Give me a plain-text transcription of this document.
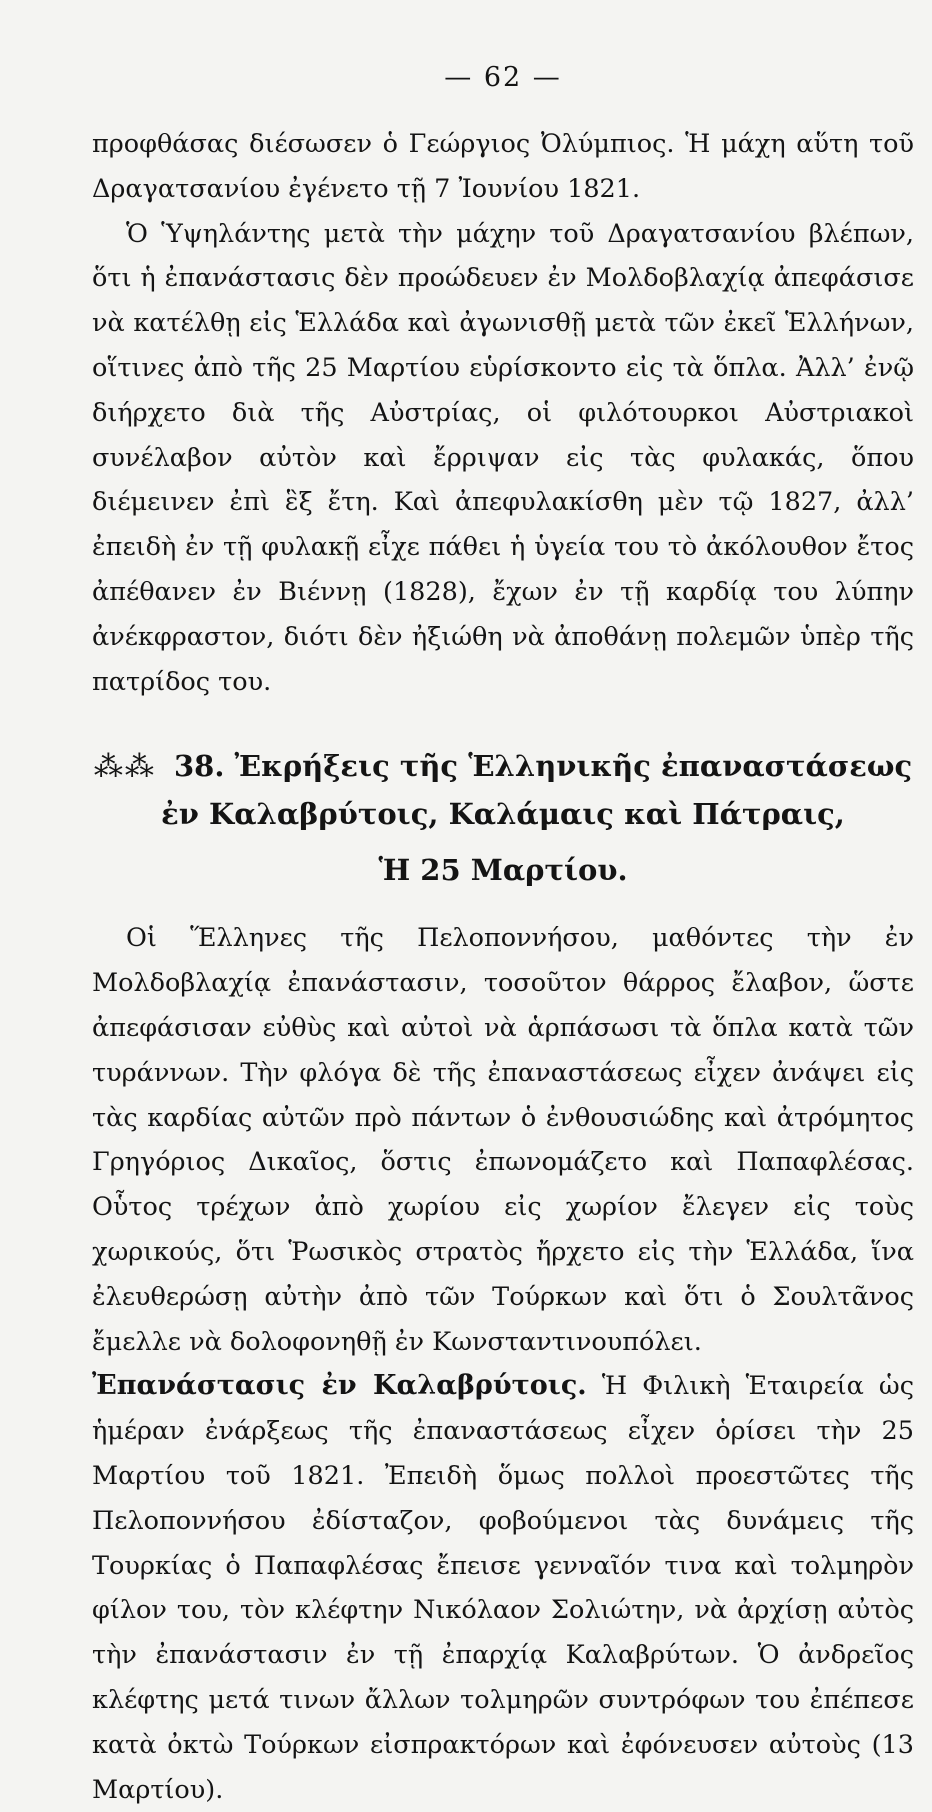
— 62 —

προφθάσας διέσωσεν ὁ Γεώργιος Ὀλύμπιος. Ἡ μάχη αὕτη τοῦ Δραγατσανίου ἐγένετο τῇ 7 Ἰουνίου 1821.

Ὁ Ὑψηλάντης μετὰ τὴν μάχην τοῦ Δραγατσανίου βλέπων, ὅτι ἡ ἐπανάστασις δὲν προώδευεν ἐν Μολδοβλαχίᾳ ἀπεφάσισε νὰ κατέλθῃ εἰς Ἑλλάδα καὶ ἀγωνισθῇ μετὰ τῶν ἐκεῖ Ἑλλήνων, οἵτινες ἀπὸ τῆς 25 Μαρτίου εὑρίσκοντο εἰς τὰ ὅπλα. Ἀλλ’ ἐνῷ διήρχετο διὰ τῆς Αὐστρίας, οἱ φιλότουρκοι Αὐστριακοὶ συνέλαβον αὐτὸν καὶ ἔρριψαν εἰς τὰς φυλακάς, ὅπου διέμεινεν ἐπὶ ἓξ ἔτη. Καὶ ἀπεφυλακίσθη μὲν τῷ 1827, ἀλλ’ ἐπειδὴ ἐν τῇ φυλακῇ εἶχε πάθει ἡ ὑγεία του τὸ ἀκόλουθον ἔτος ἀπέθανεν ἐν Βιέννῃ (1828), ἔχων ἐν τῇ καρδίᾳ του λύπην ἀνέκφραστον, διότι δὲν ἠξιώθη νὰ ἀποθάνῃ πολεμῶν ὑπὲρ τῆς πατρίδος του.

⁂⁂ 38. Ἐκρήξεις τῆς Ἑλληνικῆς ἐπαναστάσεως
ἐν Καλαβρύτοις, Καλάμαις καὶ Πάτραις,
Ἡ 25 Μαρτίου.

Οἱ Ἕλληνες τῆς Πελοποννήσου, μαθόντες τὴν ἐν Μολδοβλαχίᾳ ἐπανάστασιν, τοσοῦτον θάρρος ἔλαβον, ὥστε ἀπεφάσισαν εὐθὺς καὶ αὐτοὶ νὰ ἁρπάσωσι τὰ ὅπλα κατὰ τῶν τυράννων. Τὴν φλόγα δὲ τῆς ἐπαναστάσεως εἶχεν ἀνάψει εἰς τὰς καρδίας αὐτῶν πρὸ πάντων ὁ ἐνθουσιώδης καὶ ἀτρόμητος Γρηγόριος Δικαῖος, ὅστις ἐπωνομάζετο καὶ Παπαφλέσας. Οὗτος τρέχων ἀπὸ χωρίου εἰς χωρίον ἔλεγεν εἰς τοὺς χωρικούς, ὅτι Ῥωσικὸς στρατὸς ἤρχετο εἰς τὴν Ἑλλάδα, ἵνα ἐλευθερώσῃ αὐτὴν ἀπὸ τῶν Τούρκων καὶ ὅτι ὁ Σουλτᾶνος ἔμελλε νὰ δολοφονηθῇ ἐν Κωνσταντινουπόλει.

Ἐπανάστασις ἐν Καλαβρύτοις. Ἡ Φιλικὴ Ἑταιρεία ὡς ἡμέραν ἐνάρξεως τῆς ἐπαναστάσεως εἶχεν ὁρίσει τὴν 25 Μαρτίου τοῦ 1821. Ἐπειδὴ ὅμως πολλοὶ προεστῶτες τῆς Πελοποννήσου ἐδίσταζον, φοβούμενοι τὰς δυνάμεις τῆς Τουρκίας ὁ Παπαφλέσας ἔπεισε γενναῖόν τινα καὶ τολμηρὸν φίλον του, τὸν κλέφτην Νικόλαον Σολιώτην, νὰ ἀρχίσῃ αὐτὸς τὴν ἐπανάστασιν ἐν τῇ ἐπαρχίᾳ Καλαβρύτων. Ὁ ἀνδρεῖος κλέφτης μετά τινων ἄλλων τολμηρῶν συντρόφων του ἐπέπεσε κατὰ ὀκτὼ Τούρκων εἰσπρακτόρων καὶ ἐφόνευσεν αὐτοὺς (13 Μαρτίου).
